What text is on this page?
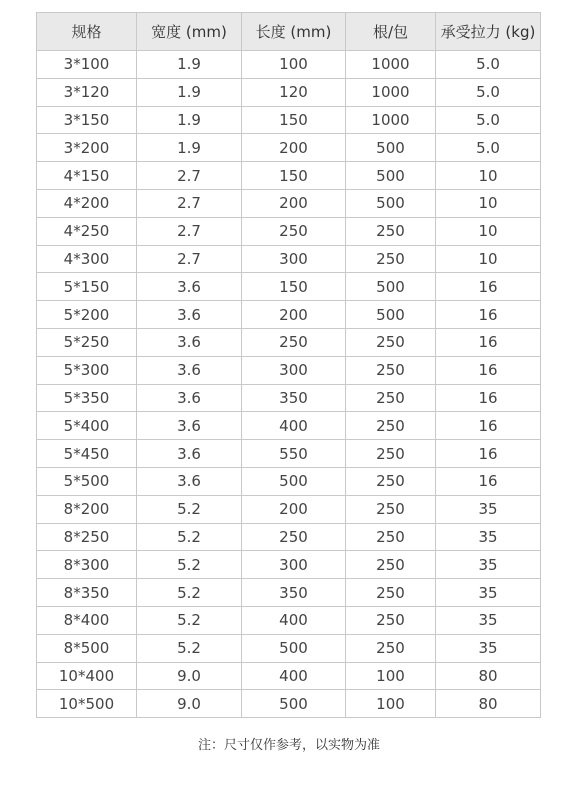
规格	宽度 (mm)	长度 (mm)	根/包	承受拉力 (kg)
3*100	1.9	100	1000	5.0
3*120	1.9	120	1000	5.0
3*150	1.9	150	1000	5.0
3*200	1.9	200	500	5.0
4*150	2.7	150	500	10
4*200	2.7	200	500	10
4*250	2.7	250	250	10
4*300	2.7	300	250	10
5*150	3.6	150	500	16
5*200	3.6	200	500	16
5*250	3.6	250	250	16
5*300	3.6	300	250	16
5*350	3.6	350	250	16
5*400	3.6	400	250	16
5*450	3.6	550	250	16
5*500	3.6	500	250	16
8*200	5.2	200	250	35
8*250	5.2	250	250	35
8*300	5.2	300	250	35
8*350	5.2	350	250	35
8*400	5.2	400	250	35
8*500	5.2	500	250	35
10*400	9.0	400	100	80
10*500	9.0	500	100	80
注：尺寸仅作参考，以实物为准
